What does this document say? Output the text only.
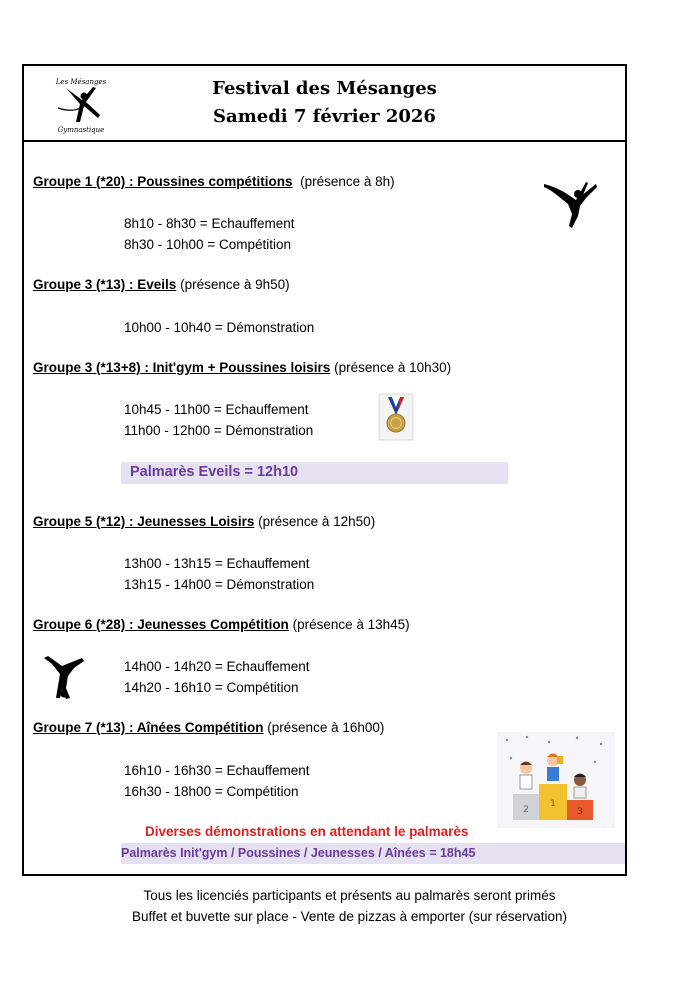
Les Mésanges
Gymnastique
Festival des Mésanges
Samedi 7 février 2026
Groupe 1 (*20) : Poussines compétitions (présence à 8h)
8h10 - 8h30 = Echauffement
8h30 - 10h00 = Compétition
Groupe 3 (*13) : Eveils (présence à 9h50)
10h00 - 10h40 = Démonstration
Groupe 3 (*13+8) : Init'gym + Poussines loisirs (présence à 10h30)
10h45 - 11h00 = Echauffement
11h00 - 12h00 = Démonstration
Palmarès Eveils = 12h10
Groupe 5 (*12) : Jeunesses Loisirs (présence à 12h50)
13h00 - 13h15 = Echauffement
13h15 - 14h00 = Démonstration
Groupe 6 (*28) : Jeunesses Compétition (présence à 13h45)
14h00 - 14h20 = Echauffement
14h20 - 16h10 = Compétition
Groupe 7 (*13) : Aînées Compétition (présence à 16h00)
16h10 - 16h30 = Echauffement
16h30 - 18h00 = Compétition
Diverses démonstrations en attendant le palmarès
Palmarès Init'gym / Poussines / Jeunesses / Aînées = 18h45
2
1
3
Tous les licenciés participants et présents au palmarès seront primés
Buffet et buvette sur place - Vente de pizzas à emporter (sur réservation)
